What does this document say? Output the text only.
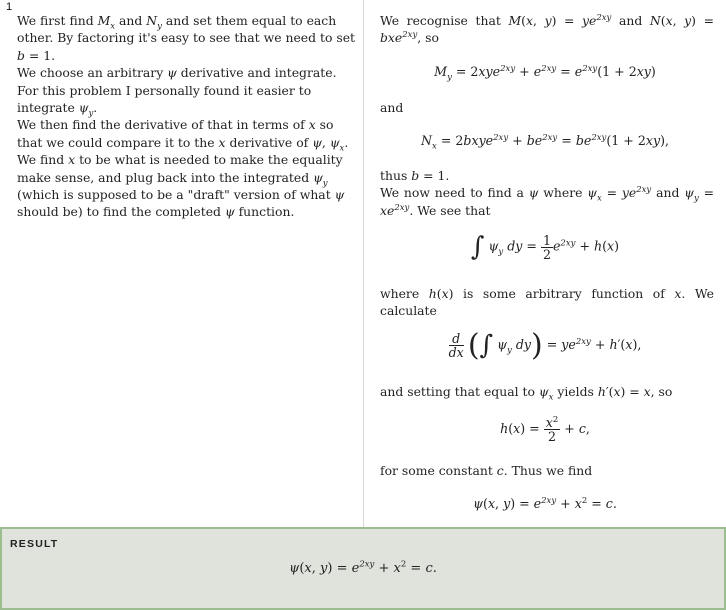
1

We first find $M_x$ and $N_y$ and set them equal to each other. By factoring it's easy to see that we need to set b = 1.

We choose an arbitrary ψ derivative and integrate. For this problem I personally found it easier to integrate $\psi_y$.

We then find the derivative of that in terms of x so that we could compare it to the x derivative of ψ, $\psi_x$.

We find x to be what is needed to make the equality make sense, and plug back into the integrated $\psi_y$ (which is supposed to be a "draft" version of what ψ should be) to find the completed ψ function.

We recognise that M(x, $y) = ye^{2xy}$ and N(x, y) = bxe$^{2xy}$, so

$M_y = 2xye^{2xy} + e^{2xy} = e^{2xy}(1 + 2xy)$
and
$N_x$ = 2bxye$^{2xy}$ + $be^{2xy} = be^{2xy}(1 + 2xy)$,

thus b = 1.

We now need to find a ψ where $\psi_x = ye^{2xy}$ and $\psi_y = xe^{2xy}$. We see that

∫ $\psi_y$ dy = $\frac{1}{2} e^{2xy} + h(x)$
where h(x) is some arbitrary function of x. We calculate
$\frac{d}{dx}$ (∫ $\psi_y$ $dy) = ye^{2xy} + h'(x)$,
and setting that equal to $\psi_x$ yields h′(x) = x, so
$h(x) = \frac{x^2}{2} + c$,
for some constant c. Thus we find
ψ(x, $y) = e^{2xy} + x^2 = c$.
RESULT
ψ(x, $y) = e^{2xy} + x^2 = c$.
